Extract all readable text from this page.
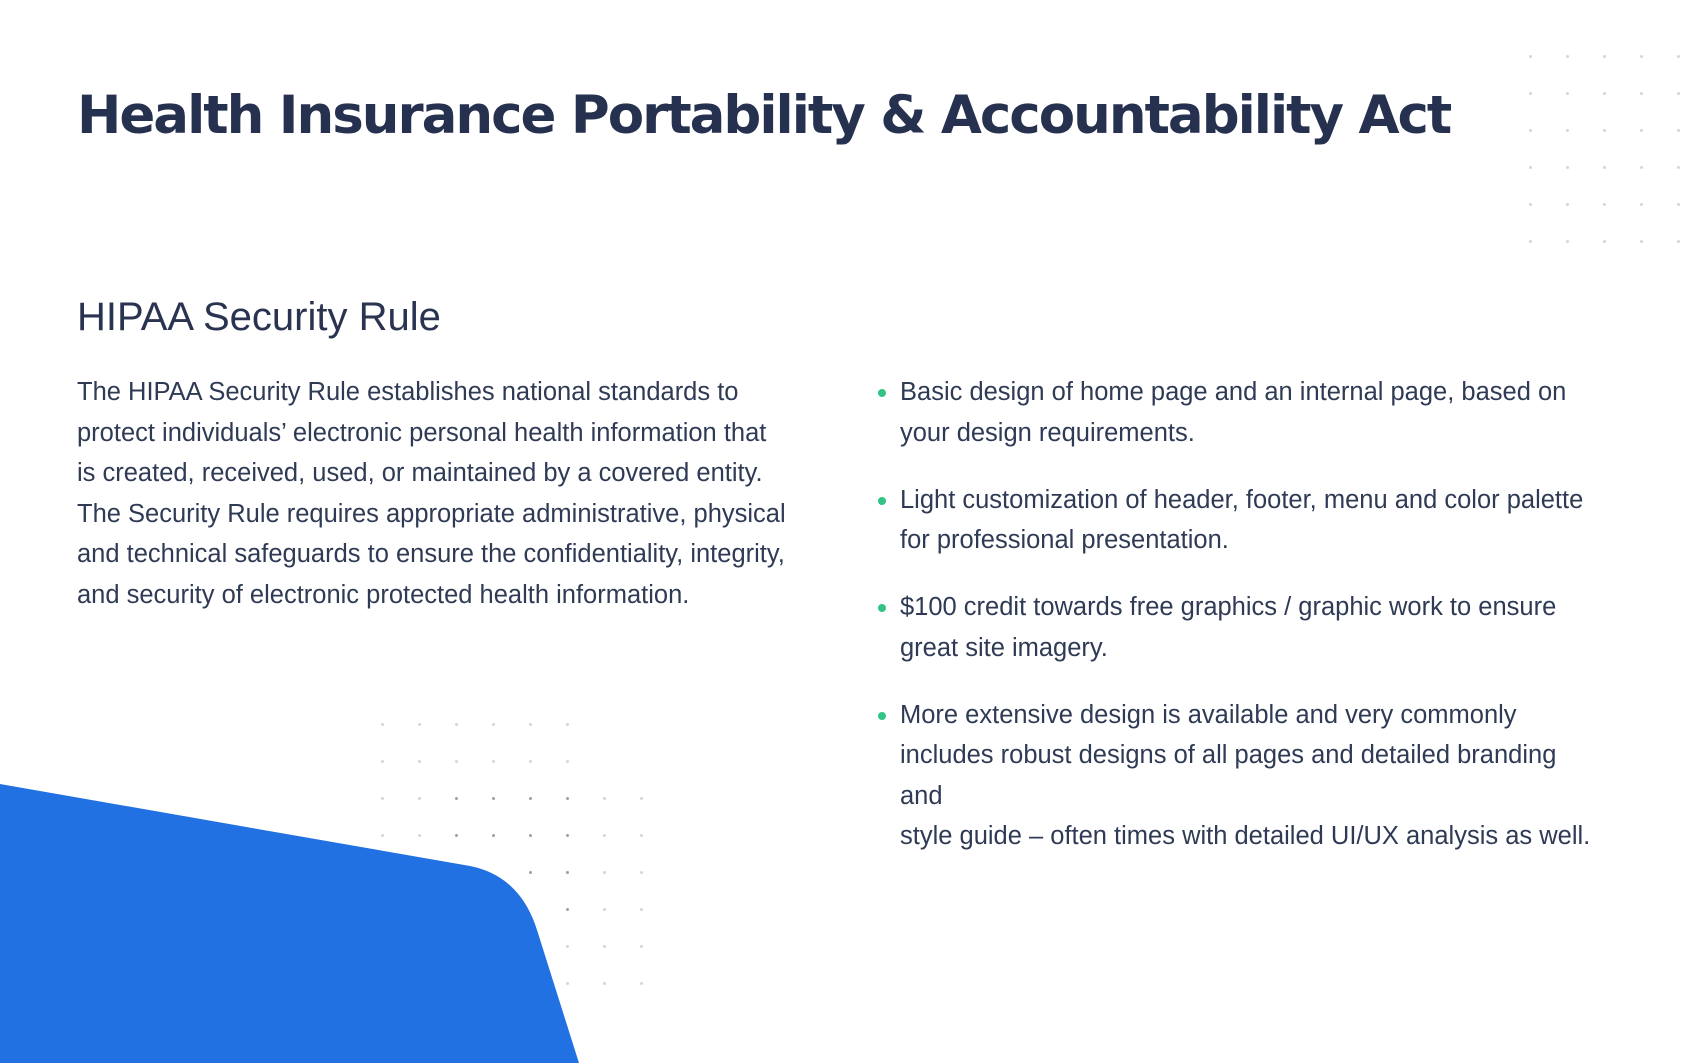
Health Insurance Portability & Accountability Act
HIPAA Security Rule

The HIPAA Security Rule establishes national standards to
protect individuals’ electronic personal health information that
is created, received, used, or maintained by a covered entity.
The Security Rule requires appropriate administrative, physical
and technical safeguards to ensure the confidentiality, integrity,
and security of electronic protected health information.

Basic design of home page and an internal page, based on
your design requirements.
Light customization of header, footer, menu and color palette
for professional presentation.
$100 credit towards free graphics / graphic work to ensure
great site imagery.
More extensive design is available and very commonly
includes robust designs of all pages and detailed branding
and
style guide – often times with detailed UI/UX analysis as well.
